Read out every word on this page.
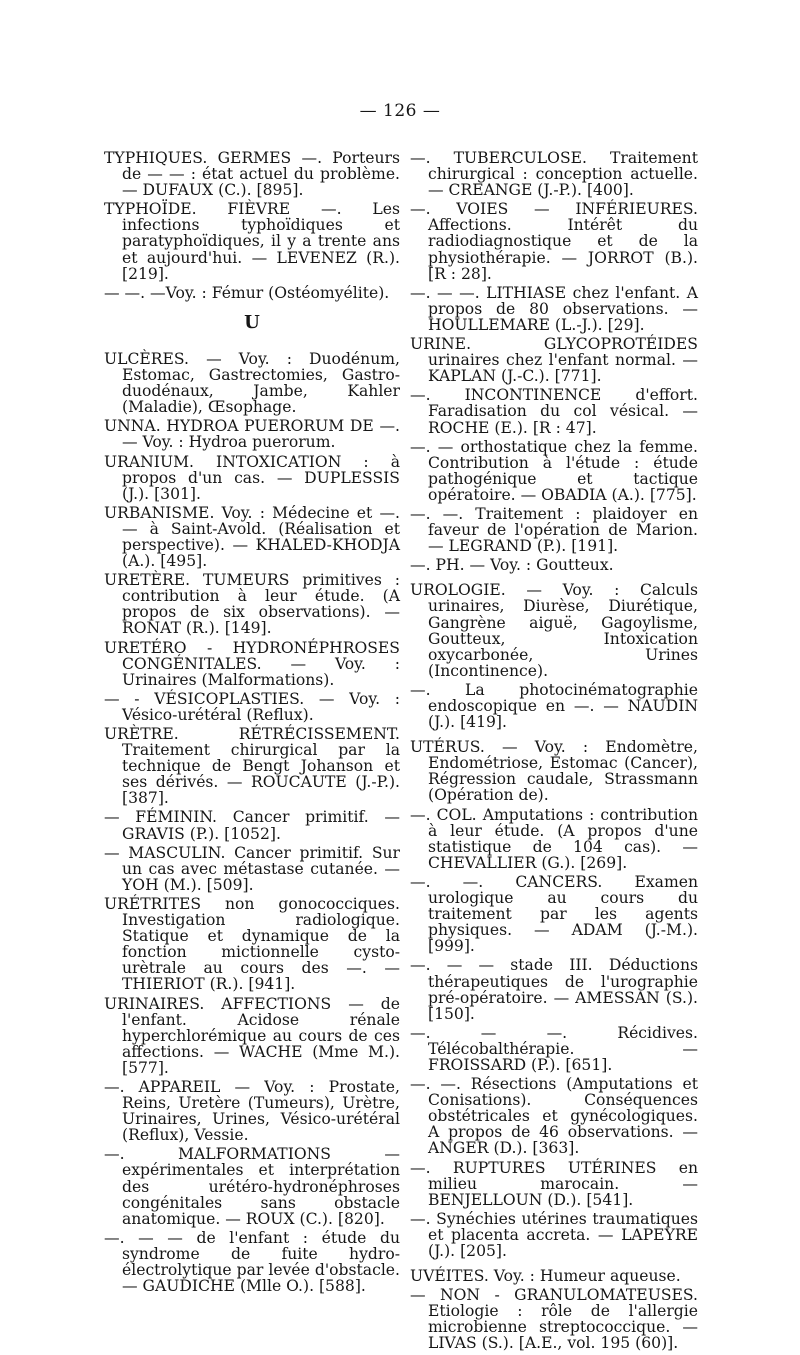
— 126 —

TYPHIQUES. GERMES —. Porteurs de — — : état actuel du problème. — DUFAUX (C.). [895].

TYPHOÏDE. FIÈVRE —. Les infections typhoïdiques et paratyphoïdiques, il y a trente ans et aujourd'hui. — LEVENEZ (R.). [219].

— —. —Voy. : Fémur (Ostéomyélite).

U

ULCÈRES. — Voy. : Duodénum, Estomac, Gastrectomies, Gastro-duodénaux, Jambe, Kahler (Maladie), Œsophage.

UNNA. HYDROA PUERORUM DE —. — Voy. : Hydroa puerorum.

URANIUM. INTOXICATION : à propos d'un cas. — DUPLESSIS (J.). [301].

URBANISME. Voy. : Médecine et —. — à Saint-Avold. (Réalisation et perspective). — KHALED-KHODJA (A.). [495].

URETÈRE. TUMEURS primitives : contribution à leur étude. (A propos de six observations). — RONAT (R.). [149].

URETÉRO - HYDRONÉPHROSES CONGÉNITALES. — Voy. : Urinaires (Malformations).

— - VÉSICOPLASTIES. — Voy. : Vésico-urétéral (Reflux).

URÈTRE. RÉTRÉCISSEMENT. Traitement chirurgical par la technique de Bengt Johanson et ses dérivés. — ROUCAUTE (J.-P.). [387].

— FÉMININ. Cancer primitif. — GRAVIS (P.). [1052].

— MASCULIN. Cancer primitif. Sur un cas avec métastase cutanée. — YOH (M.). [509].

URÉTRITES non gonococciques. Investigation radiologique. Statique et dynamique de la fonction mictionnelle cysto-urètrale au cours des —. — THIERIOT (R.). [941].

URINAIRES. AFFECTIONS — de l'enfant. Acidose rénale hyperchlorémique au cours de ces affections. — WACHE (Mme M.). [577].

—. APPAREIL — Voy. : Prostate, Reins, Uretère (Tumeurs), Urètre, Urinaires, Urines, Vésico-urétéral (Reflux), Vessie.

—. MALFORMATIONS — expérimentales et interprétation des urétéro-hydronéphroses congénitales sans obstacle anatomique. — ROUX (C.). [820].

—. — — de l'enfant : étude du syndrome de fuite hydro-électrolytique par levée d'obstacle. — GAUDICHE (Mlle O.). [588].

—. TUBERCULOSE. Traitement chirurgical : conception actuelle. — CREANGE (J.-P.). [400].

—. VOIES — INFÉRIEURES. Affections. Intérêt du radiodiagnostique et de la physiothérapie. — JORROT (B.). [R : 28].

—. — —. LITHIASE chez l'enfant. A propos de 80 observations. — HOULLEMARE (L.-J.). [29].

URINE. GLYCOPROTÉIDES urinaires chez l'enfant normal. — KAPLAN (J.-C.). [771].

—. INCONTINENCE d'effort. Faradisation du col vésical. — ROCHE (E.). [R : 47].

—. — orthostatique chez la femme. Contribution à l'étude : étude pathogénique et tactique opératoire. — OBADIA (A.). [775].

—. —. Traitement : plaidoyer en faveur de l'opération de Marion. — LEGRAND (P.). [191].

—. PH. — Voy. : Goutteux.

UROLOGIE. — Voy. : Calculs urinaires, Diurèse, Diurétique, Gangrène aiguë, Gagoylisme, Goutteux, Intoxication oxycarbonée, Urines (Incontinence).

—. La photocinématographie endoscopique en —. — NAUDIN (J.). [419].

UTÉRUS. — Voy. : Endomètre, Endométriose, Estomac (Cancer), Régression caudale, Strassmann (Opération de).

—. COL. Amputations : contribution à leur étude. (A propos d'une statistique de 104 cas). — CHEVALLIER (G.). [269].

—. —. CANCERS. Examen urologique au cours du traitement par les agents physiques. — ADAM (J.-M.). [999].

—. — — stade III. Déductions thérapeutiques de l'urographie pré-opératoire. — AMESSAN (S.). [150].

—. — —. Récidives. Télécobalthérapie. — FROISSARD (P.). [651].

—. —. Résections (Amputations et Conisations). Conséquences obstétricales et gynécologiques. A propos de 46 observations. — ANGER (D.). [363].

—. RUPTURES UTÉRINES en milieu marocain. — BENJELLOUN (D.). [541].

—. Synéchies utérines traumatiques et placenta accreta. — LAPEYRE (J.). [205].

UVÉITES. Voy. : Humeur aqueuse.

— NON - GRANULOMATEUSES. Etiologie : rôle de l'allergie microbienne streptococcique. — LIVAS (S.). [A.E., vol. 195 (60)].
